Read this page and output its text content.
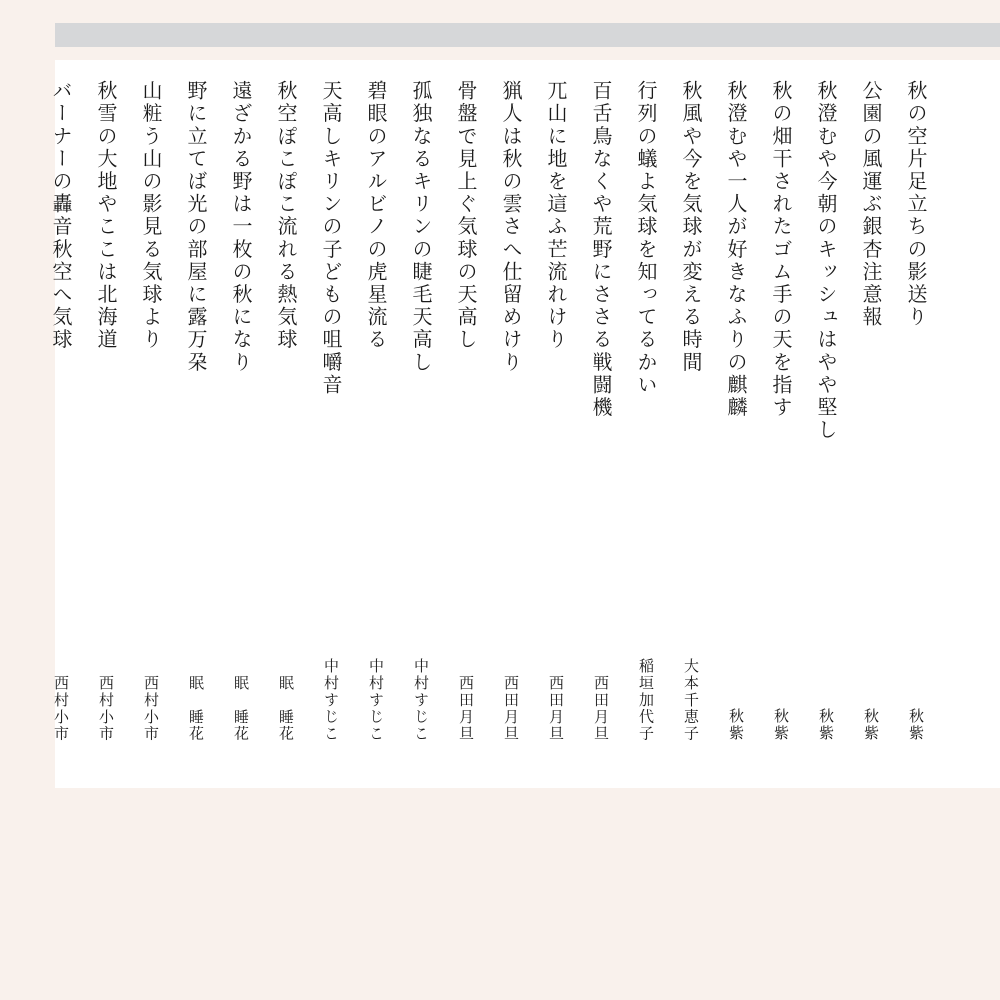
秋の空片足立ちの影送り
秋紫
公園の風運ぶ銀杏注意報
秋紫
秋澄むや今朝のキッシュはやや堅し
秋紫
秋の畑干されたゴム手の天を指す
秋紫
秋澄むや一人が好きなふりの麒麟
秋紫
秋風や今を気球が変える時間
大本千恵子
行列の蟻よ気球を知ってるかい
稲垣加代子
百舌鳥なくや荒野にささる戦闘機
西田月旦
兀山に地を這ふ芒流れけり
西田月旦
猟人は秋の雲さへ仕留めけり
西田月旦
骨盤で見上ぐ気球の天高し
西田月旦
孤独なるキリンの睫毛天高し
中村すじこ
碧眼のアルビノの虎星流る
中村すじこ
天高しキリンの子どもの咀嚼音
中村すじこ
秋空ぽこぽこ流れる熱気球
眠　睡花
遠ざかる野は一枚の秋になり
眠　睡花
野に立てば光の部屋に露万朶
眠　睡花
山粧う山の影見る気球より
西村小市
秋雪の大地やここは北海道
西村小市
バーナーの轟音秋空へ気球
西村小市
